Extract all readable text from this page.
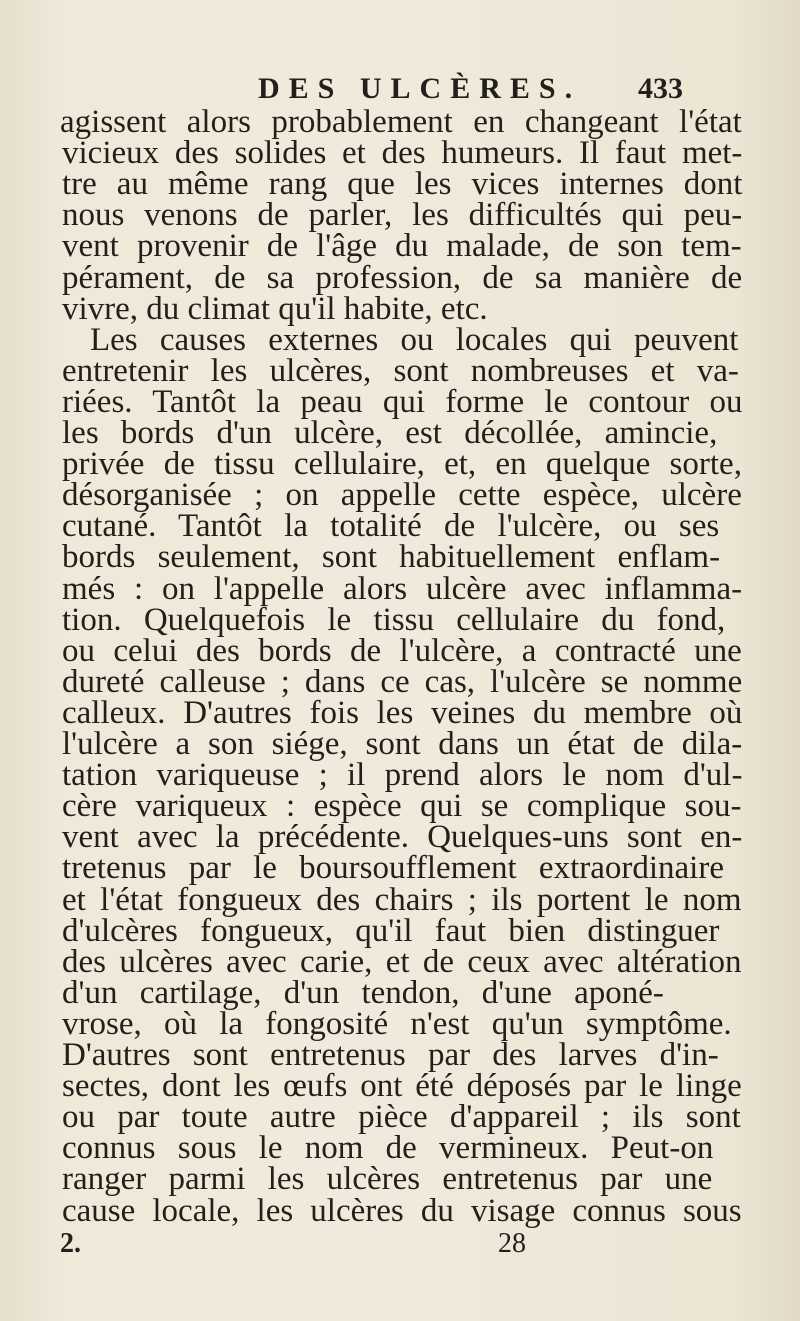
DES ULCÈRES. 433
agissent alors probablement en changeant l'état
vicieux des solides et des humeurs. Il faut met-
tre au même rang que les vices internes dont
nous venons de parler, les difficultés qui peu-
vent provenir de l'âge du malade, de son tem-
pérament, de sa profession, de sa manière de
vivre, du climat qu'il habite, etc.
Les causes externes ou locales qui peuvent
entretenir les ulcères, sont nombreuses et va-
riées. Tantôt la peau qui forme le contour ou
les bords d'un ulcère, est décollée, amincie,
privée de tissu cellulaire, et, en quelque sorte,
désorganisée ; on appelle cette espèce, ulcère
cutané. Tantôt la totalité de l'ulcère, ou ses
bords seulement, sont habituellement enflam-
més : on l'appelle alors ulcère avec inflamma-
tion. Quelquefois le tissu cellulaire du fond,
ou celui des bords de l'ulcère, a contracté une
dureté calleuse ; dans ce cas, l'ulcère se nomme
calleux. D'autres fois les veines du membre où
l'ulcère a son siége, sont dans un état de dila-
tation variqueuse ; il prend alors le nom d'ul-
cère variqueux : espèce qui se complique sou-
vent avec la précédente. Quelques-uns sont en-
tretenus par le boursoufflement extraordinaire
et l'état fongueux des chairs ; ils portent le nom
d'ulcères fongueux, qu'il faut bien distinguer
des ulcères avec carie, et de ceux avec altération
d'un cartilage, d'un tendon, d'une aponé-
vrose, où la fongosité n'est qu'un symptôme.
D'autres sont entretenus par des larves d'in-
sectes, dont les œufs ont été déposés par le linge
ou par toute autre pièce d'appareil ; ils sont
connus sous le nom de vermineux. Peut-on
ranger parmi les ulcères entretenus par une
cause locale, les ulcères du visage connus sous
2.	28
